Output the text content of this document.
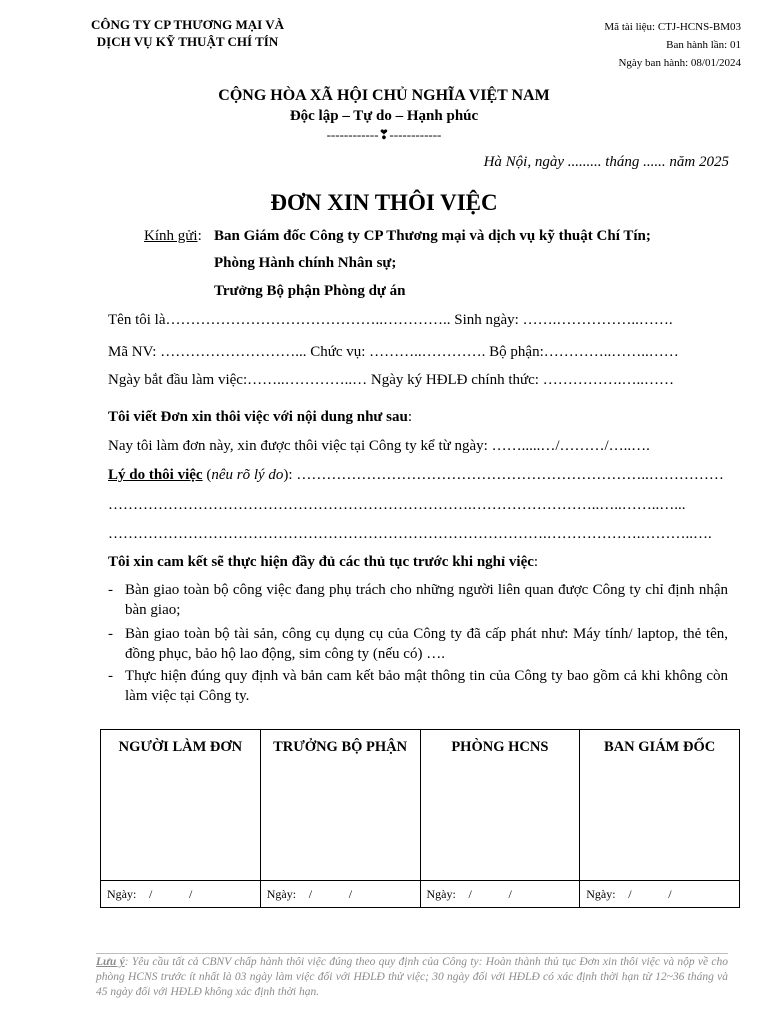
CÔNG TY CP THƯƠNG MẠI VÀ
DỊCH VỤ KỸ THUẬT CHÍ TÍN
Mã tài liệu: CTJ-HCNS-BM03
Ban hành lần: 01
Ngày ban hành: 08/01/2024
CỘNG HÒA XÃ HỘI CHỦ NGHĨA VIỆT NAM
Độc lập – Tự do – Hạnh phúc
------------❣------------
Hà Nội, ngày ......... tháng ...... năm 2025
ĐƠN XIN THÔI VIỆC
Kính gửi: Ban Giám đốc Công ty CP Thương mại và dịch vụ kỹ thuật Chí Tín;
Phòng Hành chính Nhân sự;
Trưởng Bộ phận Phòng dự án
Tên tôi là……………………………………..………….. Sinh ngày: …….……………..…….
Mã NV: ………………………... Chức vụ: ………..…………. Bộ phận:…………..……..……
Ngày bắt đầu làm việc:……..…………..… Ngày ký HĐLĐ chính thức: …………….…..……
Tôi viết Đơn xin thôi việc với nội dung như sau:
Nay tôi làm đơn này, xin được thôi việc tại Công ty kể từ ngày: …….....…/………/…..….
Lý do thôi việc (nêu rõ lý do): ……………………………………………………………..……………
……………………………………………………………….……………………..…..……..…...
…………………………………………………………………………….……………….………..….
Tôi xin cam kết sẽ thực hiện đầy đủ các thủ tục trước khi nghỉ việc:
- Bàn giao toàn bộ công việc đang phụ trách cho những người liên quan được Công ty chỉ định nhận bàn giao;
- Bàn giao toàn bộ tài sản, công cụ dụng cụ của Công ty đã cấp phát như: Máy tính/ laptop, thẻ tên, đồng phục, bảo hộ lao động, sim công ty (nếu có) ….
- Thực hiện đúng quy định và bản cam kết bảo mật thông tin của Công ty bao gồm cả khi không còn làm việc tại Công ty.
NGƯỜI LÀM ĐƠN	TRƯỞNG BỘ PHẬN	PHÒNG HCNS	BAN GIÁM ĐỐC

Ngày: / /	Ngày: / /	Ngày: / /	Ngày: / /
Lưu ý: Yêu cầu tất cả CBNV chấp hành thôi việc đúng theo quy định của Công ty: Hoàn thành thủ tục Đơn xin thôi việc và nộp về cho phòng HCNS trước ít nhất là 03 ngày làm việc đối với HĐLĐ thử việc; 30 ngày đối với HĐLĐ có xác định thời hạn từ 12~36 tháng và 45 ngày đối với HĐLĐ không xác định thời hạn.
